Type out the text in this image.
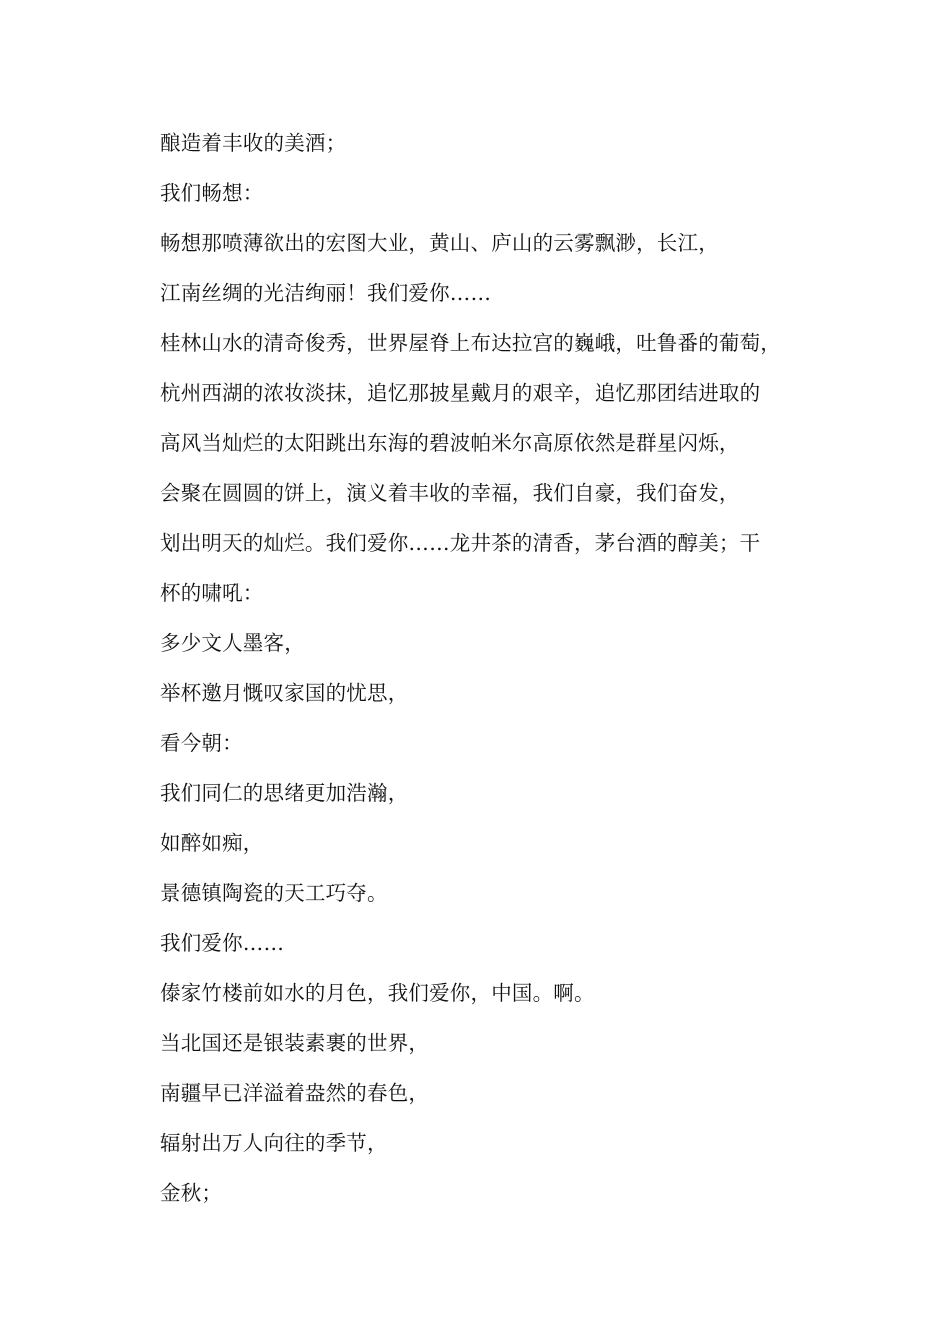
酿造着丰收的美酒；
我们畅想：
畅想那喷薄欲出的宏图大业，黄山、庐山的云雾飘渺，长江，
江南丝绸的光洁绚丽！我们爱你……
桂林山水的清奇俊秀，世界屋脊上布达拉宫的巍峨，吐鲁番的葡萄，
杭州西湖的浓妆淡抹，追忆那披星戴月的艰辛，追忆那团结进取的
高风当灿烂的太阳跳出东海的碧波帕米尔高原依然是群星闪烁，
会聚在圆圆的饼上，演义着丰收的幸福，我们自豪，我们奋发，
划出明天的灿烂。我们爱你……龙井茶的清香，茅台酒的醇美；干
杯的啸吼：
多少文人墨客，
举杯邀月慨叹家国的忧思，
看今朝：
我们同仁的思绪更加浩瀚，
如醉如痴，
景德镇陶瓷的天工巧夺。
我们爱你……
傣家竹楼前如水的月色，我们爱你，中国。啊。
当北国还是银装素裹的世界，
南疆早已洋溢着盎然的春色，
辐射出万人向往的季节，
金秋；
